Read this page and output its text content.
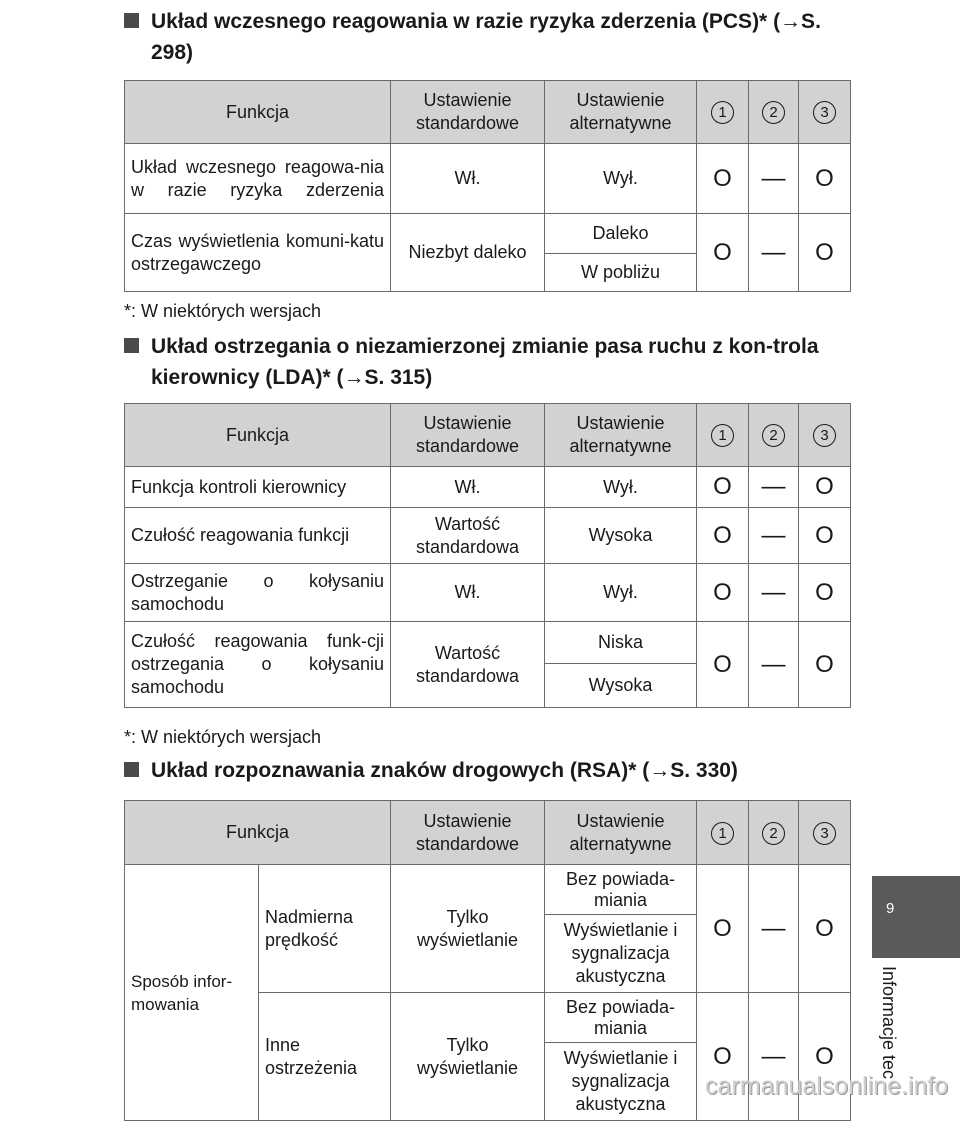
Układ wczesnego reagowania w razie ryzyka zderzenia (PCS)* (→S. 298)
Funkcja	Ustawienie standardowe	Ustawienie alternatywne	1	2	3
Układ wczesnego reagowa-nia w razie ryzyka zderzenia	Wł.	Wył.	O	—	O
Czas wyświetlenia komuni-katu ostrzegawczego	Niezbyt daleko	Daleko	O	—	O
		W pobliżu			
*: W niektórych wersjach
Układ ostrzegania o niezamierzonej zmianie pasa ruchu z kon-trola kierownicy (LDA)* (→S. 315)
Funkcja	Ustawienie standardowe	Ustawienie alternatywne	1	2	3
Funkcja kontroli kierownicy	Wł.	Wył.	O	—	O
Czułość reagowania funkcji	Wartość standardowa	Wysoka	O	—	O
Ostrzeganie o kołysaniu samochodu	Wł.	Wył.	O	—	O
Czułość reagowania funk-cji ostrzegania o kołysaniu samochodu	Wartość standardowa	Niska	O	—	O
		Wysoka			
*: W niektórych wersjach
Układ rozpoznawania znaków drogowych (RSA)* (→S. 330)
Funkcja		Ustawienie standardowe	Ustawienie alternatywne	1	2	3
Sposób infor-mowania	Nadmierna prędkość	Tylko wyświetlanie	Bez powiada-miania	O	—	O
			Wyświetlanie i sygnalizacja akustyczna			
	Inne ostrzeżenia	Tylko wyświetlanie	Bez powiada-miania	O	—	O
			Wyświetlanie i sygnalizacja akustyczna			
9
Informacje tec
carmanualsonline.info
